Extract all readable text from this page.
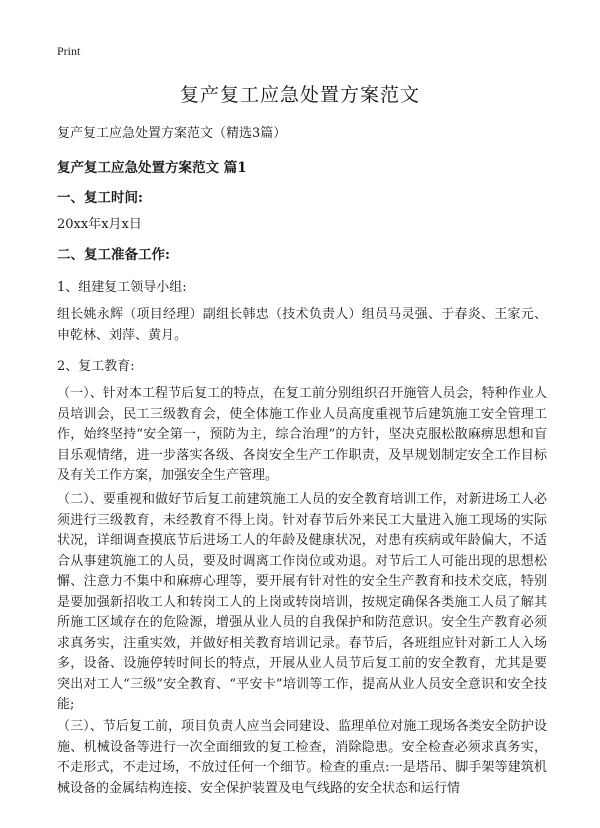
Print
复产复工应急处置方案范文
复产复工应急处置方案范文（精选3篇）
复产复工应急处置方案范文 篇1
一、复工时间:
20xx年x月x日
二、复工准备工作:
1、组建复工领导小组:
组长姚永辉（项目经理）副组长韩忠（技术负责人）组员马灵强、于春炎、王家元、申乾林、刘萍、黄月。
2、复工教育:
（一）、针对本工程节后复工的特点，在复工前分别组织召开施管人员会，特种作业人员培训会，民工三级教育会，使全体施工作业人员高度重视节后建筑施工安全管理工作，始终坚持“安全第一，预防为主，综合治理”的方针，坚决克服松散麻痹思想和盲目乐观情绪，进一步落实各级、各岗安全生产工作职责，及早规划制定安全工作目标及有关工作方案，加强安全生产管理。
（二）、要重视和做好节后复工前建筑施工人员的安全教育培训工作，对新进场工人必须进行三级教育，未经教育不得上岗。针对春节后外来民工大量进入施工现场的实际状况，详细调查摸底节后进场工人的年龄及健康状况，对患有疾病或年龄偏大，不适合从事建筑施工的人员，要及时调离工作岗位或劝退。对节后工人可能出现的思想松懈、注意力不集中和麻痹心理等，要开展有针对性的安全生产教育和技术交底，特别是要加强新招收工人和转岗工人的上岗或转岗培训，按规定确保各类施工人员了解其所施工区域存在的危险源，增强从业人员的自我保护和防范意识。安全生产教育必须求真务实，注重实效，并做好相关教育培训记录。春节后，各班组应针对新工人入场多，设备、设施停转时间长的特点，开展从业人员节后复工前的安全教育，尤其是要突出对工人“三级”安全教育、“平安卡”培训等工作，提高从业人员安全意识和安全技能;
（三）、节后复工前，项目负责人应当会同建设、监理单位对施工现场各类安全防护设施、机械设备等进行一次全面细致的复工检查，消除隐患。安全检查必须求真务实，不走形式，不走过场，不放过任何一个细节。检查的重点:一是塔吊、脚手架等建筑机械设备的金属结构连接、安全保护装置及电气线路的安全状态和运行情
